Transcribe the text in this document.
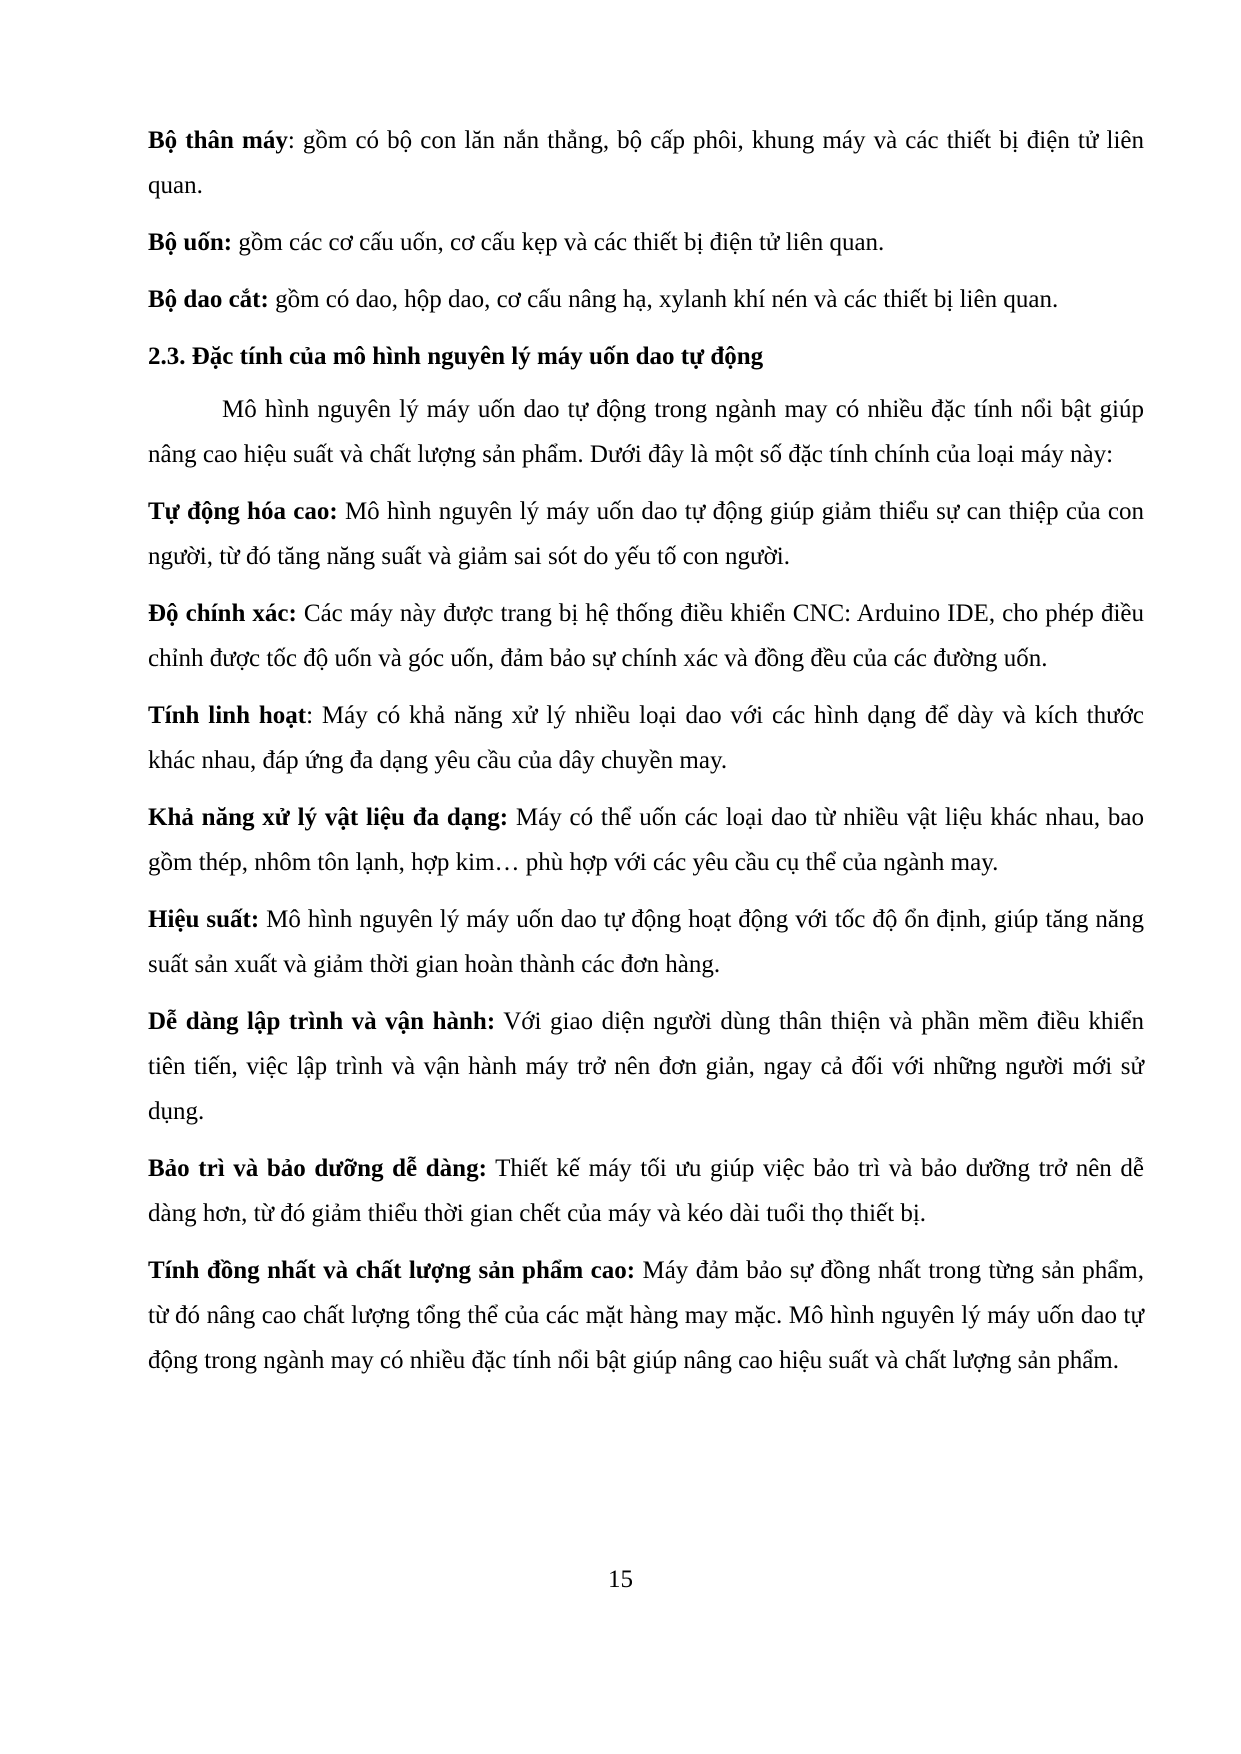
Bộ thân máy: gồm có bộ con lăn nắn thẳng, bộ cấp phôi, khung máy và các thiết bị điện tử liên quan.

Bộ uốn: gồm các cơ cấu uốn, cơ cấu kẹp và các thiết bị điện tử liên quan.

Bộ dao cắt: gồm có dao, hộp dao, cơ cấu nâng hạ, xylanh khí nén và các thiết bị liên quan.

2.3. Đặc tính của mô hình nguyên lý máy uốn dao tự động

Mô hình nguyên lý máy uốn dao tự động trong ngành may có nhiều đặc tính nổi bật giúp nâng cao hiệu suất và chất lượng sản phẩm. Dưới đây là một số đặc tính chính của loại máy này:

Tự động hóa cao: Mô hình nguyên lý máy uốn dao tự động giúp giảm thiểu sự can thiệp của con người, từ đó tăng năng suất và giảm sai sót do yếu tố con người.

Độ chính xác: Các máy này được trang bị hệ thống điều khiển CNC: Arduino IDE, cho phép điều chỉnh được tốc độ uốn và góc uốn, đảm bảo sự chính xác và đồng đều của các đường uốn.

Tính linh hoạt: Máy có khả năng xử lý nhiều loại dao với các hình dạng để dày và kích thước khác nhau, đáp ứng đa dạng yêu cầu của dây chuyền may.

Khả năng xử lý vật liệu đa dạng: Máy có thể uốn các loại dao từ nhiều vật liệu khác nhau, bao gồm thép, nhôm tôn lạnh, hợp kim… phù hợp với các yêu cầu cụ thể của ngành may.

Hiệu suất: Mô hình nguyên lý máy uốn dao tự động hoạt động với tốc độ ổn định, giúp tăng năng suất sản xuất và giảm thời gian hoàn thành các đơn hàng.

Dễ dàng lập trình và vận hành: Với giao diện người dùng thân thiện và phần mềm điều khiển tiên tiến, việc lập trình và vận hành máy trở nên đơn giản, ngay cả đối với những người mới sử dụng.

Bảo trì và bảo dưỡng dễ dàng: Thiết kế máy tối ưu giúp việc bảo trì và bảo dưỡng trở nên dễ dàng hơn, từ đó giảm thiểu thời gian chết của máy và kéo dài tuổi thọ thiết bị.

Tính đồng nhất và chất lượng sản phẩm cao: Máy đảm bảo sự đồng nhất trong từng sản phẩm, từ đó nâng cao chất lượng tổng thể của các mặt hàng may mặc. Mô hình nguyên lý máy uốn dao tự động trong ngành may có nhiều đặc tính nổi bật giúp nâng cao hiệu suất và chất lượng sản phẩm.

15
